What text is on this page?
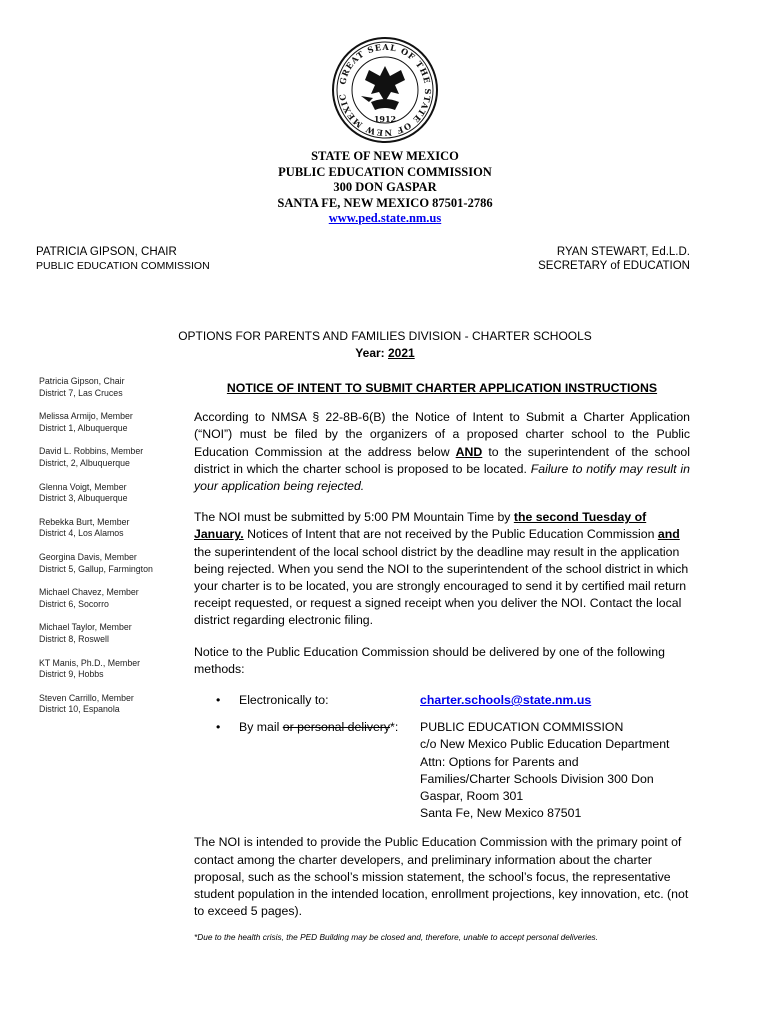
GREAT SEAL OF THE STATE OF NEW MEXIC
1912
STATE OF NEW MEXICO
PUBLIC EDUCATION COMMISSION
300 DON GASPAR
SANTA FE, NEW MEXICO 87501-2786
www.ped.state.nm.us
PATRICIA GIPSON, CHAIR
PUBLIC EDUCATION COMMISSION
RYAN STEWART, Ed.L.D.
SECRETARY of EDUCATION
OPTIONS FOR PARENTS AND FAMILIES DIVISION - CHARTER SCHOOLS
Year: 2021
Patricia Gipson, Chair
District 7, Las Cruces
Melissa Armijo, Member
District 1, Albuquerque
David L. Robbins, Member
District, 2, Albuquerque
Glenna Voigt, Member
District 3, Albuquerque
Rebekka Burt, Member
District 4, Los Alamos
Georgina Davis, Member
District 5, Gallup, Farmington
Michael Chavez, Member
District 6, Socorro
Michael Taylor, Member
District 8, Roswell
KT Manis, Ph.D., Member
District 9, Hobbs
Steven Carrillo, Member
District 10, Espanola
NOTICE OF INTENT TO SUBMIT CHARTER APPLICATION INSTRUCTIONS

According to NMSA § 22-8B-6(B) the Notice of Intent to Submit a Charter Application (“NOI”) must be filed by the organizers of a proposed charter school to the Public Education Commission at the address below AND to the superintendent of the school district in which the charter school is proposed to be located. Failure to notify may result in your application being rejected.

The NOI must be submitted by 5:00 PM Mountain Time by the second Tuesday of January. Notices of Intent that are not received by the Public Education Commission and the superintendent of the local school district by the deadline may result in the application being rejected. When you send the NOI to the superintendent of the school district in which your charter is to be located, you are strongly encouraged to send it by certified mail return receipt requested, or request a signed receipt when you deliver the NOI. Contact the local district regarding electronic filing.

Notice to the Public Education Commission should be delivered by one of the following methods:

•	Electronically to:	charter.schools@state.nm.us
•	By mail or personal delivery*:	PUBLIC EDUCATION COMMISSION
c/o New Mexico Public Education Department
Attn: Options for Parents and
Families/Charter Schools Division 300 Don
Gaspar, Room 301
Santa Fe, New Mexico 87501

The NOI is intended to provide the Public Education Commission with the primary point of contact among the charter developers, and preliminary information about the charter proposal, such as the school’s mission statement, the school’s focus, the representative student population in the intended location, enrollment projections, key innovation, etc. (not to exceed 5 pages).

*Due to the health crisis, the PED Building may be closed and, therefore, unable to accept personal deliveries.
